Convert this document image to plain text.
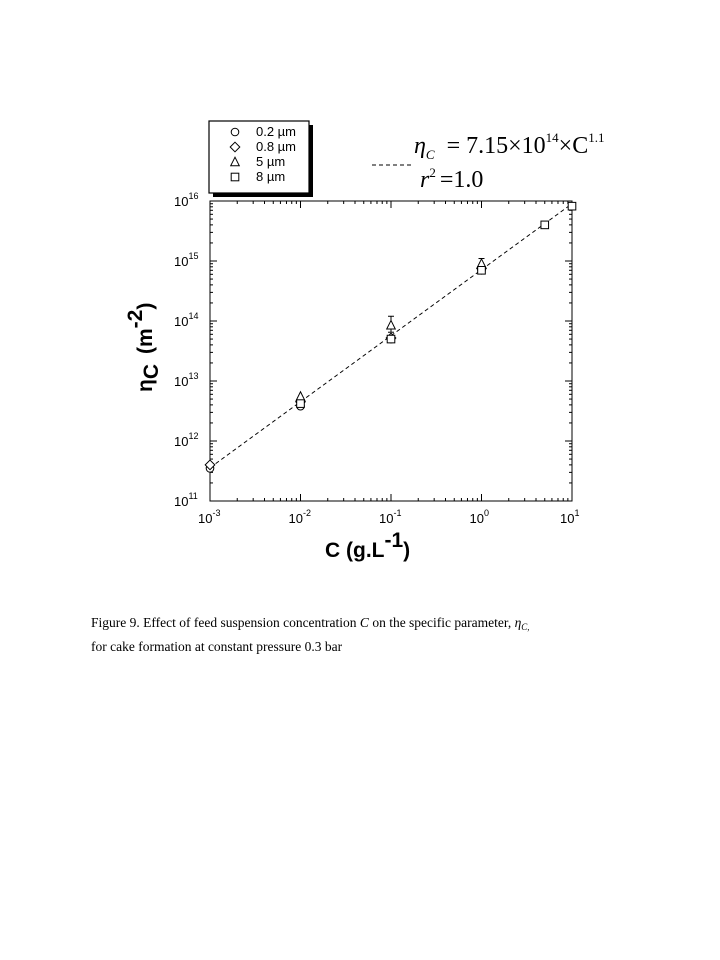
0.2 µm
0.8 µm
5 µm
8 µm
$\eta_C = 7.15\times 10^{14}\times C^{1.1}$
$r^2 =1.0$
$10^{-3}$	$10^{-2}$	$10^{-1}$	$10^0$	$10^1$
$10^{11}$
$10^{12}$
$10^{13}$
$10^{14}$
$10^{15}$
$10^{16}$
C (g.L-1)
ηC(m-2)
Figure 9. Effect of feed suspension concentration C on the specific parameter, $\eta_{C,}$
for cake formation at constant pressure 0.3 bar
